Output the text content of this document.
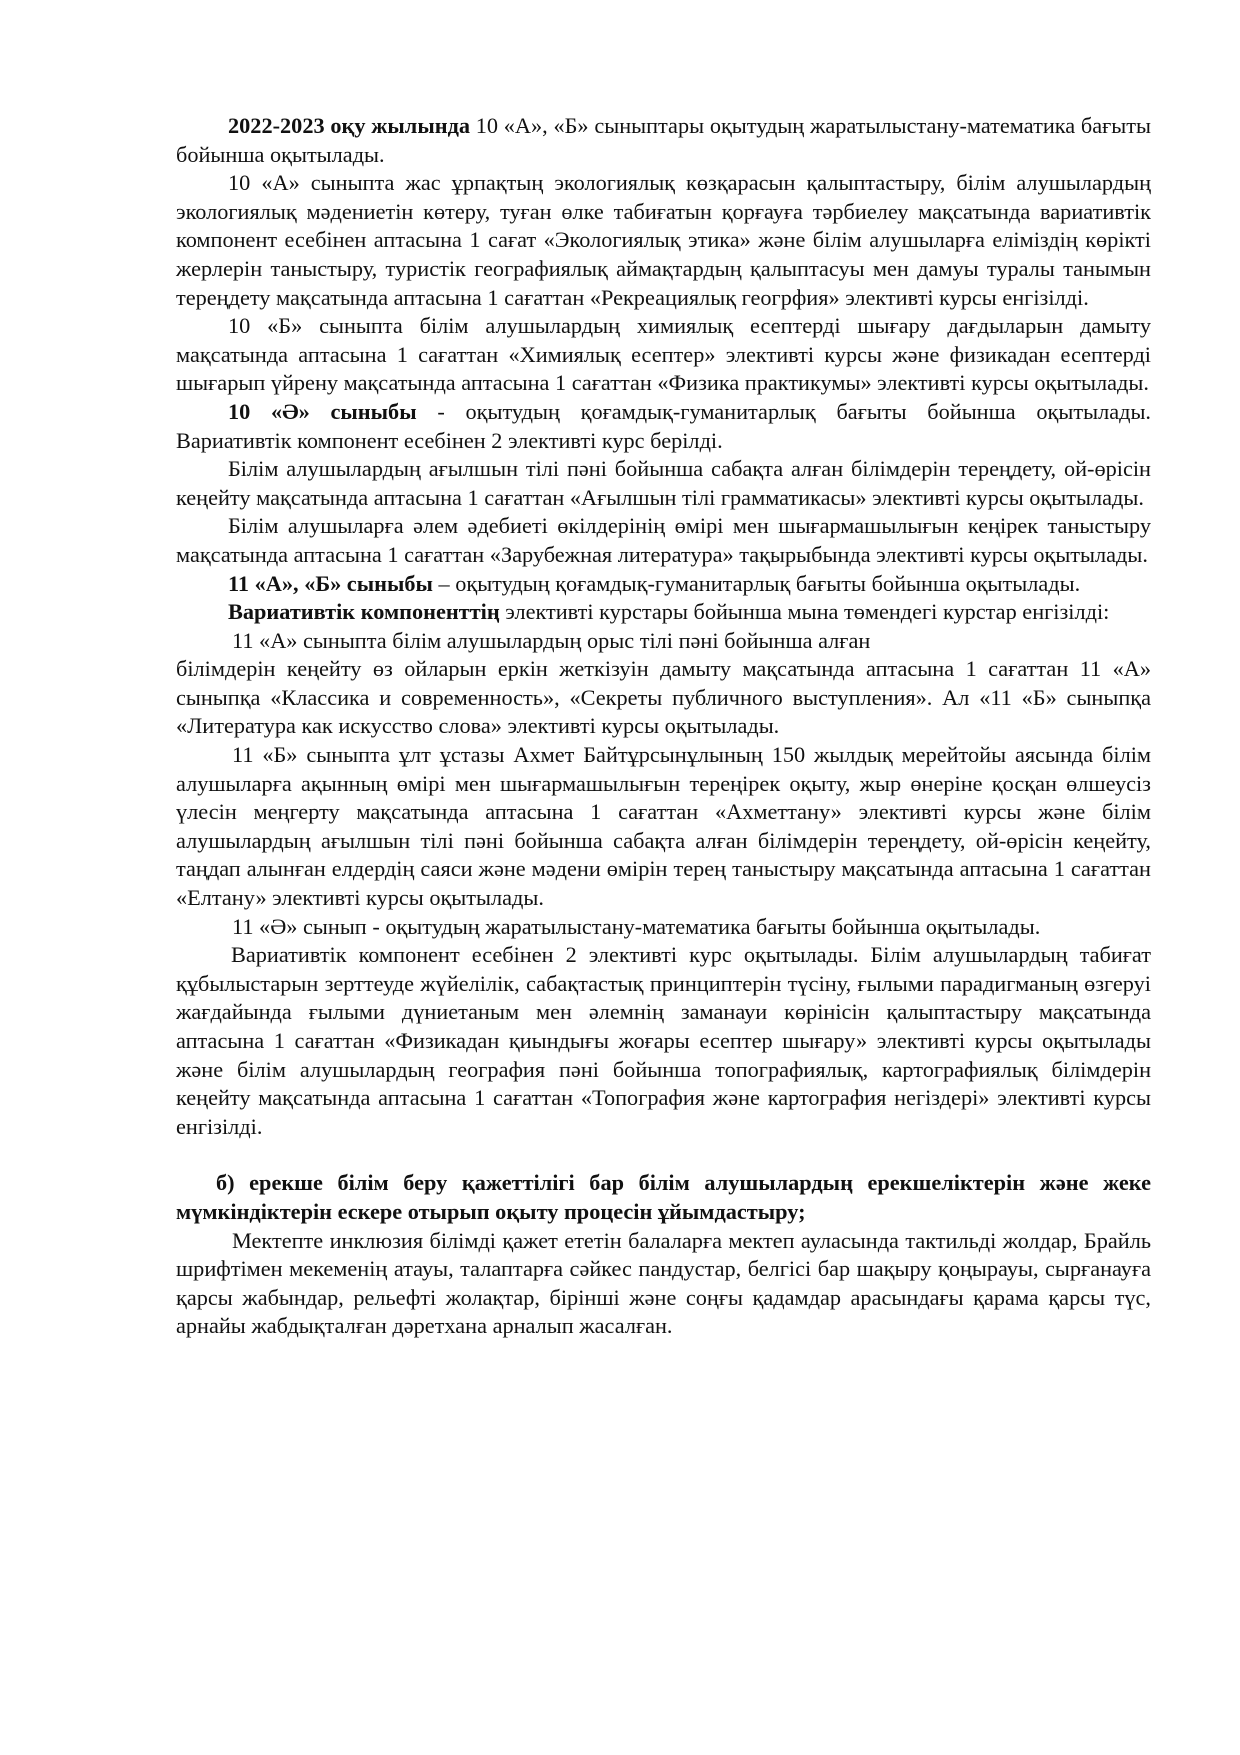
2022-2023 оқу жылында 10 «А», «Б» сыныптары оқытудың жаратылыстану-математика бағыты бойынша оқытылады.

10 «А» сыныпта жас ұрпақтың экологиялық көзқарасын қалыптастыру, білім алушылардың экологиялық мәдениетін көтеру, туған өлке табиғатын қорғауға тәрбиелеу мақсатында вариативтік компонент есебінен аптасына 1 сағат «Экологиялық этика» және білім алушыларға еліміздің көрікті жерлерін таныстыру, туристік географиялық аймақтардың қалыптасуы мен дамуы туралы танымын тереңдету мақсатында аптасына 1 сағаттан «Рекреациялық геогрфия» элективті курсы енгізілді.

10 «Б» сыныпта білім алушылардың химиялық есептерді шығару дағдыларын дамыту мақсатында аптасына 1 сағаттан «Химиялық есептер» элективті курсы және физикадан есептерді шығарып үйрену мақсатында аптасына 1 сағаттан «Физика практикумы» элективті курсы оқытылады.

10 «Ә» сыныбы - оқытудың қоғамдық-гуманитарлық бағыты бойынша оқытылады. Вариативтік компонент есебінен 2 элективті курс берілді.

Білім алушылардың ағылшын тілі пәні бойынша сабақта алған білімдерін тереңдету, ой-өрісін кеңейту мақсатында аптасына 1 сағаттан «Ағылшын тілі грамматикасы» элективті курсы оқытылады.

Білім алушыларға әлем әдебиеті өкілдерінің өмірі мен шығармашылығын кеңірек таныстыру мақсатында аптасына 1 сағаттан «Зарубежная литература» тақырыбында элективті курсы оқытылады.

11 «А», «Б» сыныбы – оқытудың қоғамдық-гуманитарлық бағыты бойынша оқытылады.

Вариативтік компоненттің элективті курстары бойынша мына төмендегі курстар енгізілді:

11 «А» сыныпта білім алушылардың орыс тілі пәні бойынша алған

білімдерін кеңейту өз ойларын еркін жеткізуін дамыту мақсатында аптасына 1 сағаттан 11 «А» сыныпқа «Классика и современность», «Секреты публичного выступления». Ал «11 «Б» сыныпқа «Литература как искусство слова» элективті курсы оқытылады.

11 «Б» сыныпта ұлт ұстазы Ахмет Байтұрсынұлының 150 жылдық мерейтойы аясында білім алушыларға ақынның өмірі мен шығармашылығын тереңірек оқыту, жыр өнеріне қосқан өлшеусіз үлесін меңгерту мақсатында аптасына 1 сағаттан «Ахметтану» элективті курсы және білім алушылардың ағылшын тілі пәні бойынша сабақта алған білімдерін тереңдету, ой-өрісін кеңейту, таңдап алынған елдердің саяси және мәдени өмірін терең таныстыру мақсатында аптасына 1 сағаттан «Елтану» элективті курсы оқытылады.

11 «Ә» сынып - оқытудың жаратылыстану-математика бағыты бойынша оқытылады.

Вариативтік компонент есебінен 2 элективті курс оқытылады. Білім алушылардың табиғат құбылыстарын зерттеуде жүйелілік, сабақтастық принциптерін түсіну, ғылыми парадигманың өзгеруі жағдайында ғылыми дүниетаным мен әлемнің заманауи көрінісін қалыптастыру мақсатында аптасына 1 сағаттан «Физикадан қиындығы жоғары есептер шығару» элективті курсы оқытылады және білім алушылардың география пәні бойынша топографиялық, картографиялық білімдерін кеңейту мақсатында аптасына 1 сағаттан «Топография және картография негіздері» элективті курсы енгізілді.

б) ерекше білім беру қажеттілігі бар білім алушылардың ерекшеліктерін және жеке мүмкіндіктерін ескере отырып оқыту процесін ұйымдастыру;

Мектепте инклюзия білімді қажет ететін балаларға мектеп ауласында тактильді жолдар, Брайль шрифтімен мекеменің атауы, талаптарға сәйкес пандустар, белгісі бар шақыру қоңырауы, сырғанауға қарсы жабындар, рельефті жолақтар, бірінші және соңғы қадамдар арасындағы қарама қарсы түс, арнайы жабдықталған дәретхана арналып жасалған.
